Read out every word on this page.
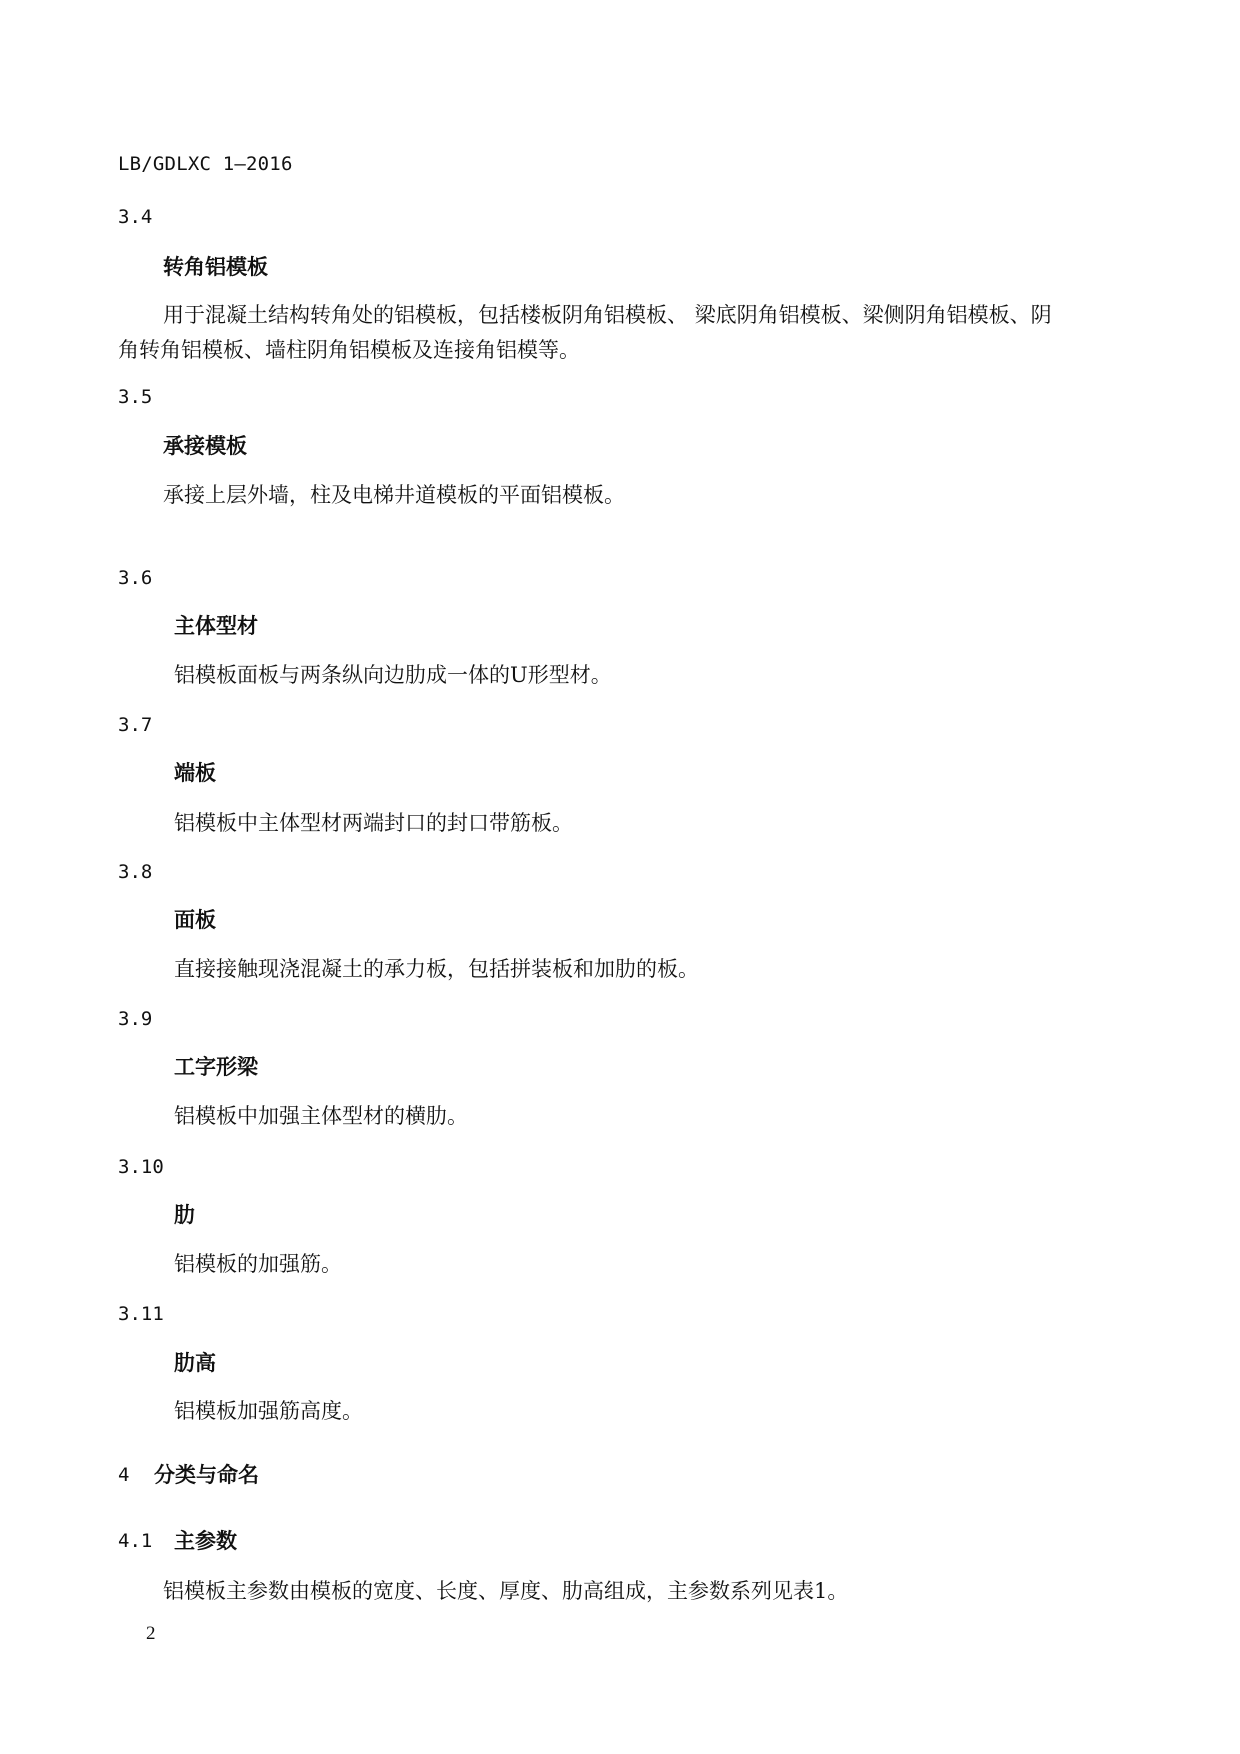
LB/GDLXC 1—2016
3.4
转角铝模板
用于混凝土结构转角处的铝模板，包括楼板阴角铝模板、 梁底阴角铝模板、梁侧阴角铝模板、阴
角转角铝模板、墙柱阴角铝模板及连接角铝模等。
3.5
承接模板
承接上层外墙，柱及电梯井道模板的平面铝模板。
3.6
主体型材
铝模板面板与两条纵向边肋成一体的U形型材。
3.7
端板
铝模板中主体型材两端封口的封口带筋板。
3.8
面板
直接接触现浇混凝土的承力板，包括拼装板和加肋的板。
3.9
工字形梁
铝模板中加强主体型材的横肋。
3.10
肋
铝模板的加强筋。
3.11
肋高
铝模板加强筋高度。
4 分类与命名
4.1 主参数
铝模板主参数由模板的宽度、长度、厚度、肋高组成，主参数系列见表1。
2
